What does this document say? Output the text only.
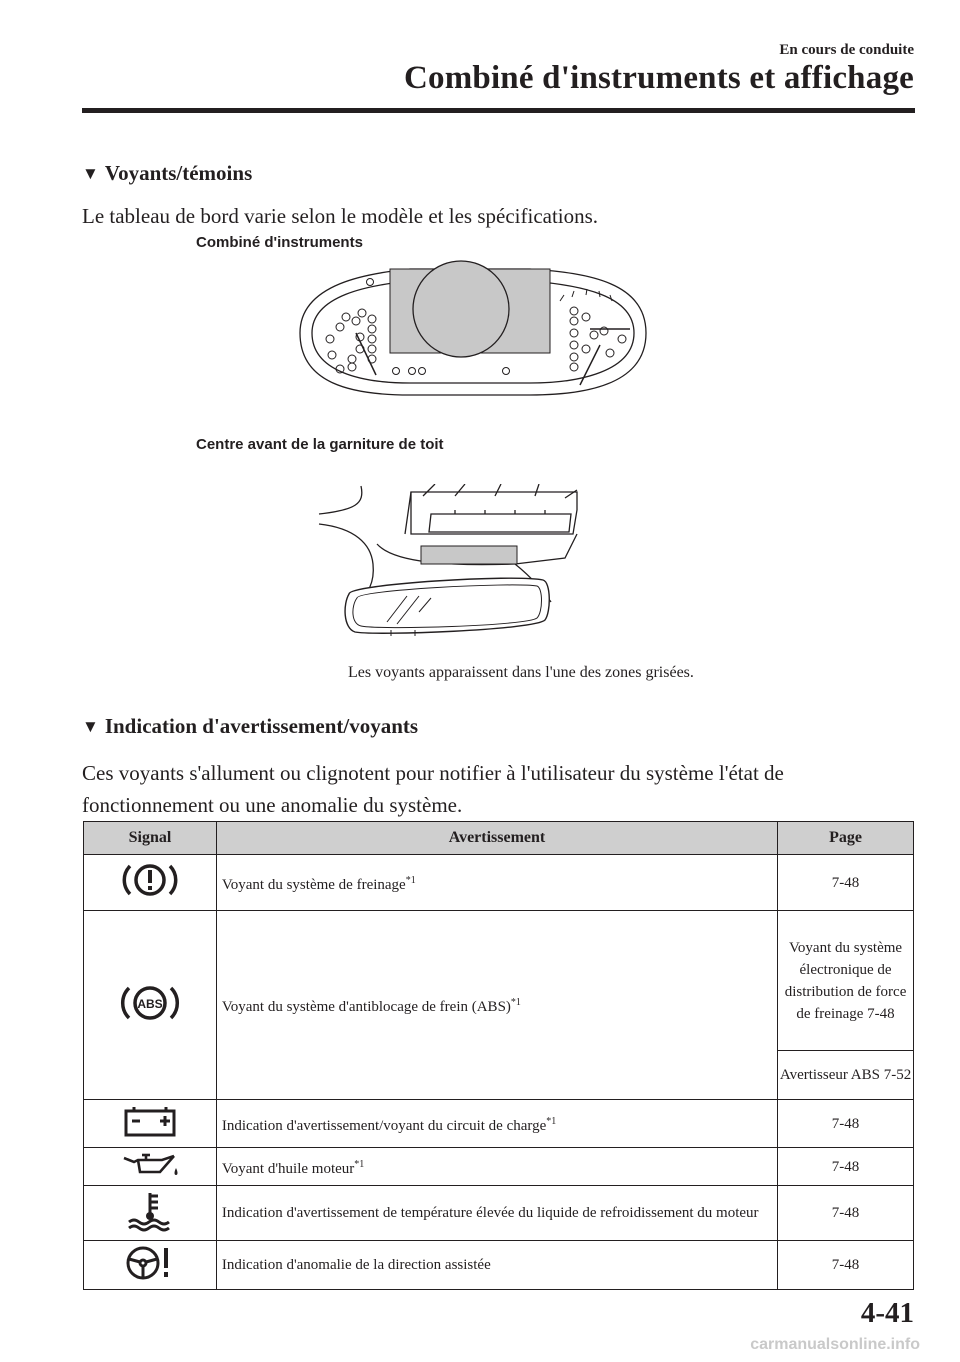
En cours de conduite
Combiné d'instruments et affichage
▼ Voyants/témoins
Le tableau de bord varie selon le modèle et les spécifications.
Combiné d'instruments
Centre avant de la garniture de toit
Les voyants apparaissent dans l'une des zones grisées.
▼ Indication d'avertissement/voyants
Ces voyants s'allument ou clignotent pour notifier à l'utilisateur du système l'état de fonctionnement ou une anomalie du système.
Signal	Avertissement	Page
	Voyant du système de freinage$^{*1}$	7-48

ABS	Voyant du système d'antiblocage de frein (ABS)$^{*1}$	Voyant du système électronique de distribution de force de freinage 7-48
		Avertisseur ABS 7-52
	Indication d'avertissement/voyant du circuit de charge$^{*1}$	7-48
	Voyant d'huile moteur$^{*1}$	7-48
	Indication d'avertissement de température élevée du liquide de refroidissement du moteur	7-48
	Indication d'anomalie de la direction assistée	7-48
4-41
carmanualsonline.info
